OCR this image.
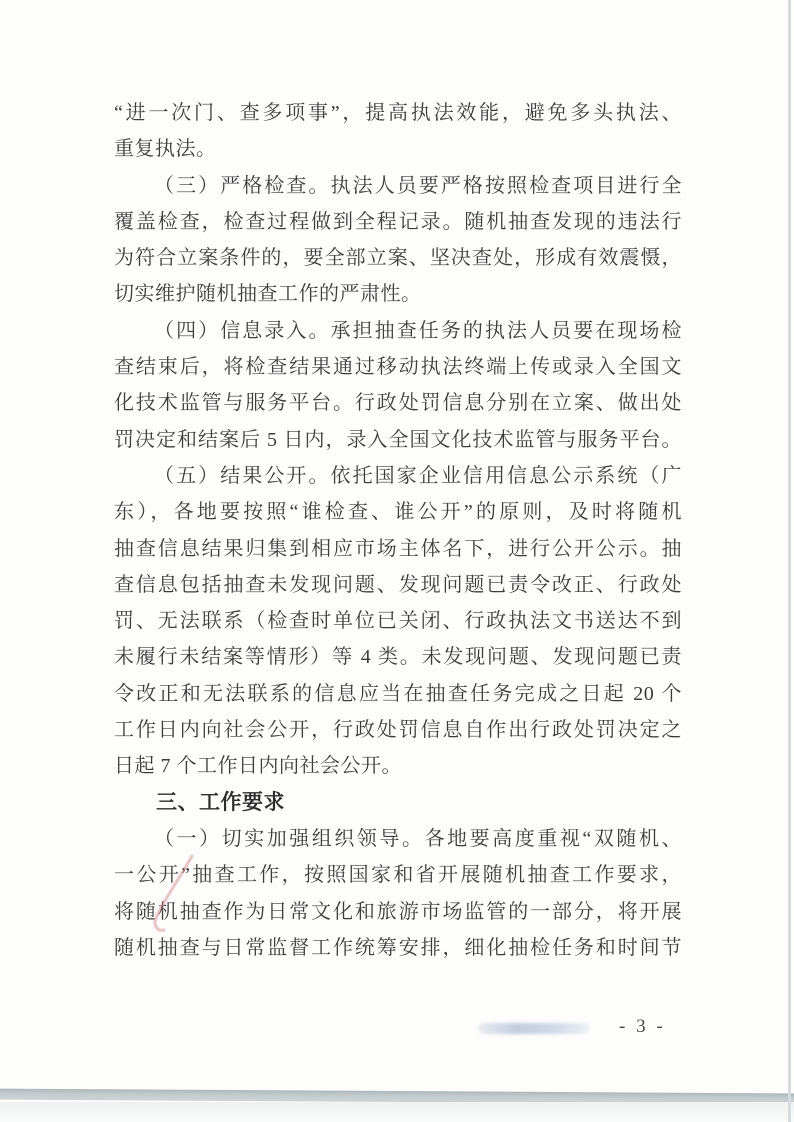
“进一次门、查多项事”，提高执法效能，避免多头执法、
重复执法。
（三）严格检查。执法人员要严格按照检查项目进行全
覆盖检查，检查过程做到全程记录。随机抽查发现的违法行
为符合立案条件的，要全部立案、坚决查处，形成有效震慑，
切实维护随机抽查工作的严肃性。
（四）信息录入。承担抽查任务的执法人员要在现场检
查结束后，将检查结果通过移动执法终端上传或录入全国文
化技术监管与服务平台。行政处罚信息分别在立案、做出处
罚决定和结案后 5 日内，录入全国文化技术监管与服务平台。
（五）结果公开。依托国家企业信用信息公示系统（广
东），各地要按照“谁检查、谁公开”的原则，及时将随机
抽查信息结果归集到相应市场主体名下，进行公开公示。抽
查信息包括抽查未发现问题、发现问题已责令改正、行政处
罚、无法联系（检查时单位已关闭、行政执法文书送达不到
未履行未结案等情形）等 4 类。未发现问题、发现问题已责
令改正和无法联系的信息应当在抽查任务完成之日起 20 个
工作日内向社会公开，行政处罚信息自作出行政处罚决定之
日起 7 个工作日内向社会公开。
三、工作要求
（一）切实加强组织领导。各地要高度重视“双随机、
一公开”抽查工作，按照国家和省开展随机抽查工作要求，
将随机抽查作为日常文化和旅游市场监管的一部分，将开展
随机抽查与日常监督工作统筹安排，细化抽检任务和时间节
- 3 -
